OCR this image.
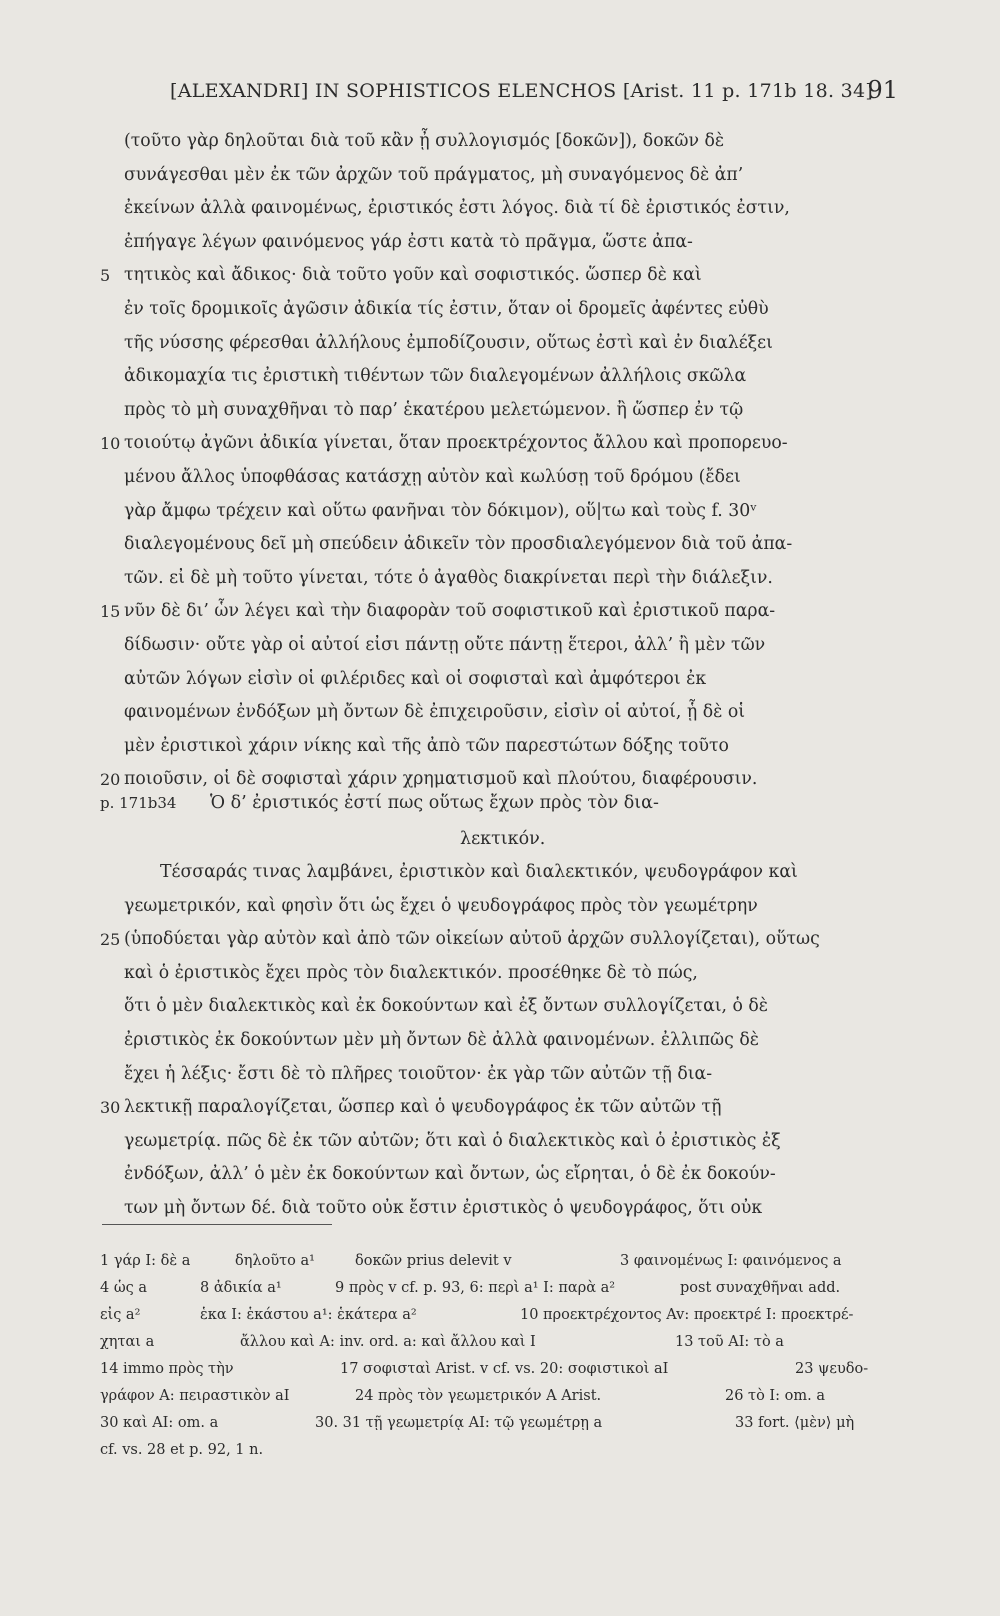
[ALEXANDRI] IN SOPHISTICOS ELENCHOS [Arist. 11 p. 171b 18. 34]
91
(τοῦτο γὰρ δηλοῦται διὰ τοῦ κἂν ᾖ συλλογισμός [δοκῶν]), δοκῶν δὲ
συνάγεσθαι μὲν ἐκ τῶν ἀρχῶν τοῦ πράγματος, μὴ συναγόμενος δὲ ἀπ’
ἐκείνων ἀλλὰ φαινομένως, ἐριστικός ἐστι λόγος. διὰ τί δὲ ἐριστικός ἐστιν,
ἐπήγαγε λέγων φαινόμενος γάρ ἐστι κατὰ τὸ πρᾶγμα, ὥστε ἀπα-
5 τητικὸς καὶ ἄδικος· διὰ τοῦτο γοῦν καὶ σοφιστικός. ὥσπερ δὲ καὶ
ἐν τοῖς δρομικοῖς ἀγῶσιν ἀδικία τίς ἐστιν, ὅταν οἱ δρομεῖς ἀφέντες εὐθὺ
τῆς νύσσης φέρεσθαι ἀλλήλους ἐμποδίζουσιν, οὕτως ἐστὶ καὶ ἐν διαλέξει
ἀδικομαχία τις ἐριστικὴ τιθέντων τῶν διαλεγομένων ἀλλήλοις σκῶλα
πρὸς τὸ μὴ συναχθῆναι τὸ παρ’ ἑκατέρου μελετώμενον. ἢ ὥσπερ ἐν τῷ
10 τοιούτῳ ἀγῶνι ἀδικία γίνεται, ὅταν προεκτρέχοντος ἄλλου καὶ προπορευο-
μένου ἄλλος ὑποφθάσας κατάσχῃ αὐτὸν καὶ κωλύσῃ τοῦ δρόμου (ἔδει
γὰρ ἄμφω τρέχειν καὶ οὕτω φανῆναι τὸν δόκιμον), οὕ|τω καὶ τοὺς f. 30ᵛ
διαλεγομένους δεῖ μὴ σπεύδειν ἀδικεῖν τὸν προσδιαλεγόμενον διὰ τοῦ ἀπα-
τῶν. εἰ δὲ μὴ τοῦτο γίνεται, τότε ὁ ἀγαθὸς διακρίνεται περὶ τὴν διάλεξιν.
15 νῦν δὲ δι’ ὧν λέγει καὶ τὴν διαφορὰν τοῦ σοφιστικοῦ καὶ ἐριστικοῦ παρα-
δίδωσιν· οὔτε γὰρ οἱ αὐτοί εἰσι πάντῃ οὔτε πάντῃ ἕτεροι, ἀλλ’ ἢ μὲν τῶν
αὐτῶν λόγων εἰσὶν οἱ φιλέριδες καὶ οἱ σοφισταὶ καὶ ἀμφότεροι ἐκ
φαινομένων ἐνδόξων μὴ ὄντων δὲ ἐπιχειροῦσιν, εἰσὶν οἱ αὐτοί, ᾗ δὲ οἱ
μὲν ἐριστικοὶ χάριν νίκης καὶ τῆς ἀπὸ τῶν παρεστώτων δόξης τοῦτο
20 ποιοῦσιν, οἱ δὲ σοφισταὶ χάριν χρηματισμοῦ καὶ πλούτου, διαφέρουσιν.
p. 171b34 Ὁ δ’ ἐριστικός ἐστί πως οὕτως ἔχων πρὸς τὸν δια-
λεκτικόν.
Τέσσαράς τινας λαμβάνει, ἐριστικὸν καὶ διαλεκτικόν, ψευδογράφον καὶ
γεωμετρικόν, καὶ φησὶν ὅτι ὡς ἔχει ὁ ψευδογράφος πρὸς τὸν γεωμέτρην
25 (ὑποδύεται γὰρ αὐτὸν καὶ ἀπὸ τῶν οἰκείων αὐτοῦ ἀρχῶν συλλογίζεται), οὕτως
καὶ ὁ ἐριστικὸς ἔχει πρὸς τὸν διαλεκτικόν. προσέθηκε δὲ τὸ πώς,
ὅτι ὁ μὲν διαλεκτικὸς καὶ ἐκ δοκούντων καὶ ἐξ ὄντων συλλογίζεται, ὁ δὲ
ἐριστικὸς ἐκ δοκούντων μὲν μὴ ὄντων δὲ ἀλλὰ φαινομένων. ἐλλιπῶς δὲ
ἔχει ἡ λέξις· ἔστι δὲ τὸ πλῆρες τοιοῦτον· ἐκ γὰρ τῶν αὐτῶν τῇ δια-
30 λεκτικῇ παραλογίζεται, ὥσπερ καὶ ὁ ψευδογράφος ἐκ τῶν αὐτῶν τῇ
γεωμετρίᾳ. πῶς δὲ ἐκ τῶν αὐτῶν; ὅτι καὶ ὁ διαλεκτικὸς καὶ ὁ ἐριστικὸς ἐξ
ἐνδόξων, ἀλλ’ ὁ μὲν ἐκ δοκούντων καὶ ὄντων, ὡς εἴρηται, ὁ δὲ ἐκ δοκούν-
των μὴ ὄντων δέ. διὰ τοῦτο οὐκ ἔστιν ἐριστικὸς ὁ ψευδογράφος, ὅτι οὐκ
1 γάρ I: δὲ a	δηλοῦτο a¹	δοκῶν prius delevit v	3 φαινομένως I: φαινόμενος a
4 ὡς a	8 ἀδικία a¹	9 πρὸς v cf. p. 93, 6: περὶ a¹ I: παρὰ a²	post συναχθῆναι add.
εἰς a²	ἑκα I: ἑκάστου a¹: ἑκάτερα a²	10 προεκτρέχοντος Av: προεκτρέ I: προεκτρέ-
χηται a	ἄλλου καὶ A: inv. ord. a: καὶ ἄλλου καὶ I	13 τοῦ AI: τὸ a
14 immo πρὸς τὴν	17 σοφισταὶ Arist. v cf. vs. 20: σοφιστικοὶ aI	23 ψευδο-
γράφον A: πειραστικὸν aI	24 πρὸς τὸν γεωμετρικόν A Arist.	26 τὸ I: om. a
30 καὶ AI: om. a	30. 31 τῇ γεωμετρίᾳ AI: τῷ γεωμέτρῃ a	33 fort. ⟨μὲν⟩ μὴ
cf. vs. 28 et p. 92, 1 n.
